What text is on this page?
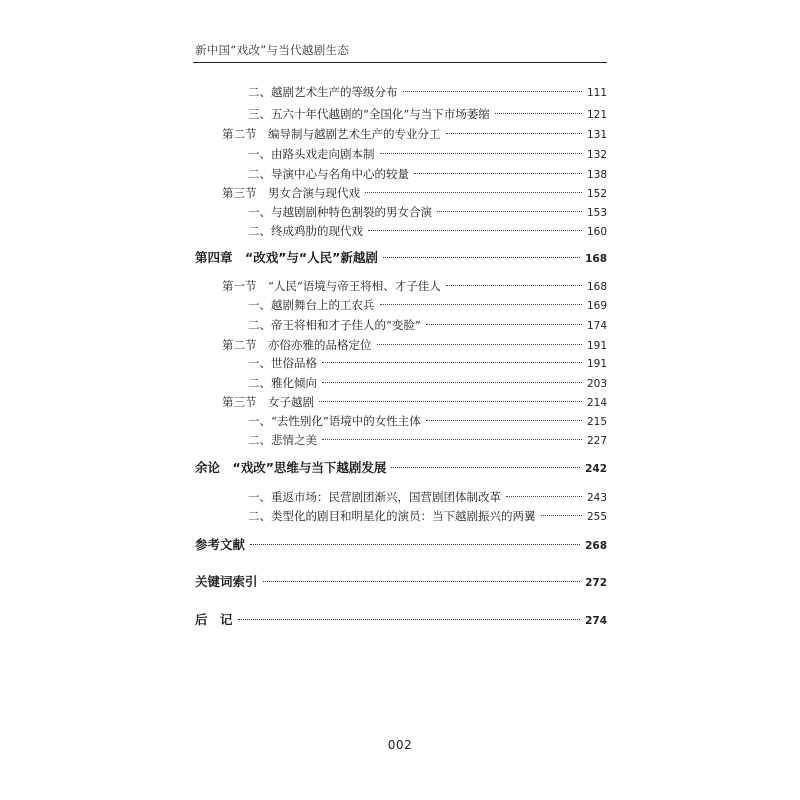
新中国“戏改”与当代越剧生态
二、越剧艺术生产的等级分布	111
三、五六十年代越剧的“全国化”与当下市场萎缩	121
第二节　编导制与越剧艺术生产的专业分工	131
一、由路头戏走向剧本制	132
二、导演中心与名角中心的较量	138
第三节　男女合演与现代戏	152
一、与越剧剧种特色割裂的男女合演	153
二、终成鸡肋的现代戏	160
第四章　“改戏”与“人民”新越剧	168
第一节　“人民”语境与帝王将相、才子佳人	168
一、越剧舞台上的工农兵	169
二、帝王将相和才子佳人的“变脸”	174
第二节　亦俗亦雅的品格定位	191
一、世俗品格	191
二、雅化倾向	203
第三节　女子越剧	214
一、“去性别化”语境中的女性主体	215
二、悲情之美	227
余论　“戏改”思维与当下越剧发展	242
一、重返市场：民营剧团渐兴，国营剧团体制改革	243
二、类型化的剧目和明星化的演员：当下越剧振兴的两翼	255
参考文献	268
关键词索引	272
后　记	274
002
